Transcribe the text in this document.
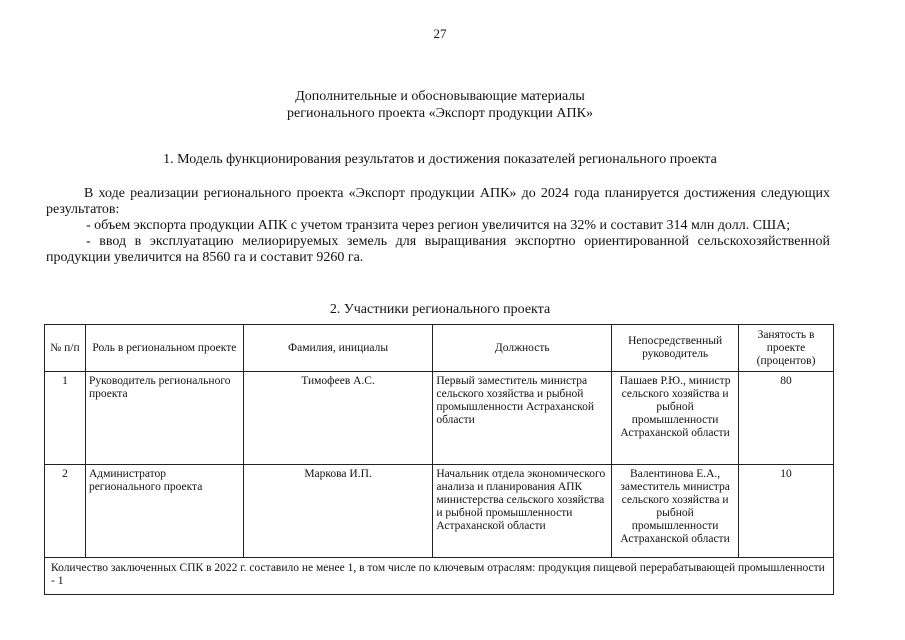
27
Дополнительные и обосновывающие материалы
регионального проекта «Экспорт продукции АПК»
1. Модель функционирования результатов и достижения показателей регионального проекта

В ходе реализации регионального проекта «Экспорт продукции АПК» до 2024 года планируется достижения следующих результатов:

- объем экспорта продукции АПК с учетом транзита через регион увеличится на 32% и составит 314 млн долл. США;

- ввод в эксплуатацию мелиорируемых земель для выращивания экспортно ориентированной сельскохозяйственной продукции увеличится на 8560 га и составит 9260 га.

2. Участники регионального проекта
№ п/п	Роль в региональном проекте	Фамилия, инициалы	Должность	Непосредственный руководитель	Занятость в проекте (процентов)
1	Руководитель регионального проекта	Тимофеев А.С.	Первый заместитель министра сельского хозяйства и рыбной промышленности Астраханской области	Пашаев Р.Ю., министр сельского хозяйства и рыбной промышленности Астраханской области	80
2	Администратор регионального проекта	Маркова И.П.	Начальник отдела экономического анализа и планирования АПК министерства сельского хозяйства и рыбной промышленности Астраханской области	Валентинова Е.А., заместитель министра сельского хозяйства и рыбной промышленности Астраханской области	10
Количество заключенных СПК в 2022 г. составило не менее 1, в том числе по ключевым отраслям: продукция пищевой перерабатывающей промышленности - 1					
